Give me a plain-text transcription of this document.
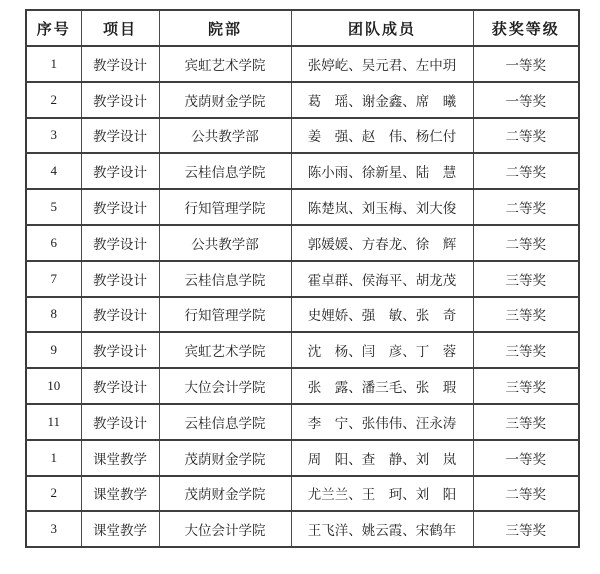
序号	项目	院部	团队成员	获奖等级
1	教学设计	宾虹艺术学院	张婷屹、吴元君、左中玥	一等奖
2	教学设计	茂荫财金学院	葛　瑶、谢金鑫、席　曦	一等奖
3	教学设计	公共教学部	姜　强、赵　伟、杨仁付	二等奖
4	教学设计	云桂信息学院	陈小雨、徐新星、陆　慧	二等奖
5	教学设计	行知管理学院	陈楚岚、刘玉梅、刘大俊	二等奖
6	教学设计	公共教学部	郭媛媛、方春龙、徐　辉	二等奖
7	教学设计	云桂信息学院	霍卓群、侯海平、胡龙茂	三等奖
8	教学设计	行知管理学院	史娌娇、强　敏、张　奇	三等奖
9	教学设计	宾虹艺术学院	沈　杨、闫　彦、丁　蓉	三等奖
10	教学设计	大位会计学院	张　露、潘三毛、张　瑕	三等奖
11	教学设计	云桂信息学院	李　宁、张伟伟、汪永涛	三等奖
1	课堂教学	茂荫财金学院	周　阳、查　静、刘　岚	一等奖
2	课堂教学	茂荫财金学院	尤兰兰、王　珂、刘　阳	二等奖
3	课堂教学	大位会计学院	王飞洋、姚云霞、宋鹤年	三等奖
